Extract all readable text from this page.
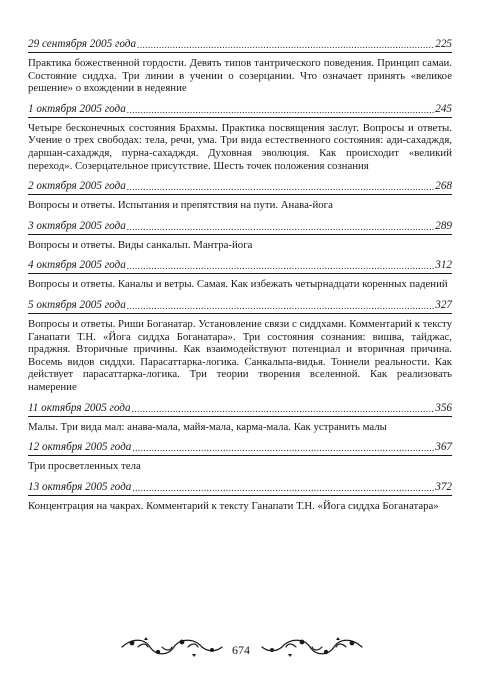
29 сентября 2005 года .....	225

Практика божественной гордости. Девять типов тантрического поведения. Принцип самаи. Состояние сиддха. Три линии в учении о созерцании. Что означает принять «великое решение» о вхождении в недеяние

1 октября 2005 года .....	245

Четыре бесконечных состояния Брахмы. Практика посвящения заслуг. Вопросы и ответы. Учение о трех свободах: тела, речи, ума. Три вида естественного состояния: ади-сахадждя, даршан-сахадждя, пурна-сахадждя. Духовная эволюция. Как происходит «великий переход». Созерцательное присутствие. Шесть точек положения сознания

2 октября 2005 года .....	268

Вопросы и ответы. Испытания и препятствия на пути. Анава-йога

3 октября 2005 года .....	289

Вопросы и ответы. Виды санкальп. Мантра-йога

4 октября 2005 года .....	312

Вопросы и ответы. Каналы и ветры. Самая. Как избежать четырнадцати коренных падений

5 октября 2005 года .....	327

Вопросы и ответы. Риши Боганатар. Установление связи с сиддхами. Комментарий к тексту Ганапати Т.Н. «Йога сиддха Боганатара». Три состояния сознания: вишва, тайджас, праджня. Вторичные причины. Как взаимодействуют потенциал и вторичная причина. Восемь видов сиддхи. Парасаттарка-логика. Санкальпа-видья. Тоннели реальности. Как действует парасаттарка-логика. Три теории творения вселенной. Как реализовать намерение

11 октября 2005 года .....	356

Малы. Три вида мал: анава-мала, майя-мала, карма-мала. Как устранить малы

12 октября 2005 года .....	367

Три просветленных тела

13 октября 2005 года .....	372

Концентрация на чакрах. Комментарий к тексту Ганапати Т.Н. «Йога сиддха Боганатара»

674
